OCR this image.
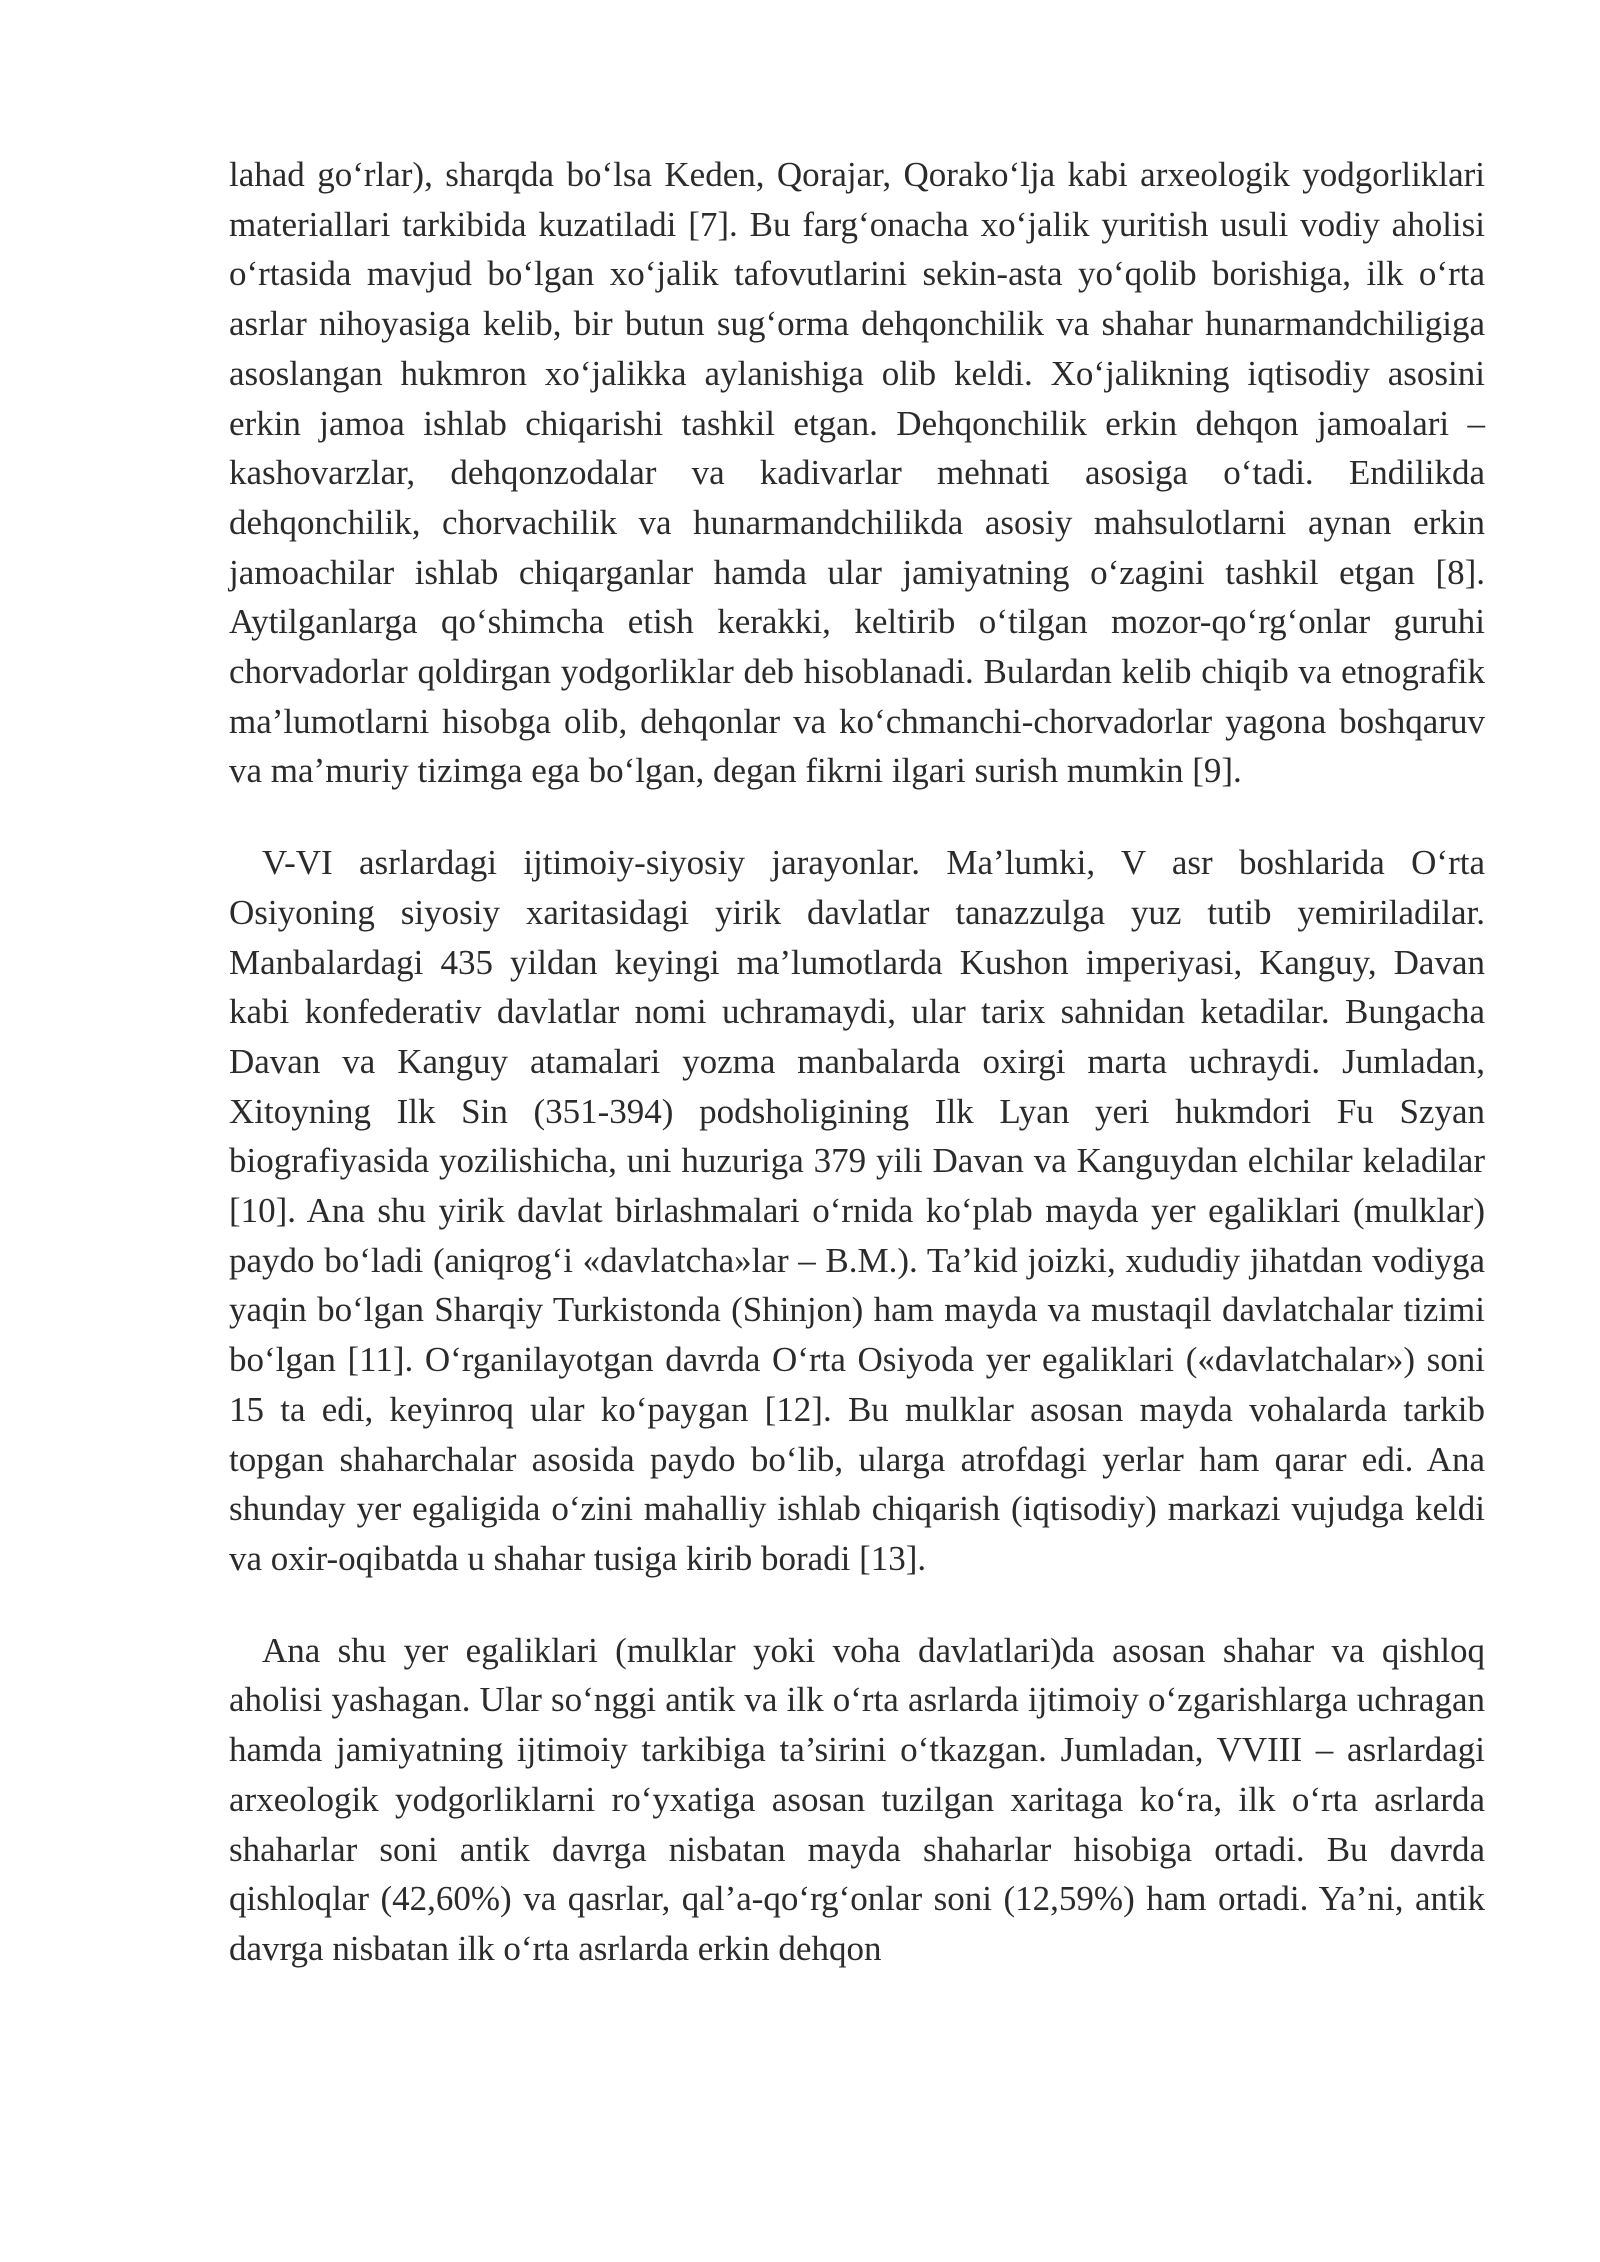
lahad go‘rlar), sharqda bo‘lsa Keden, Qorajar, Qorako‘lja kabi arxeologik yodgorliklari materiallari tarkibida kuzatiladi [7]. Bu farg‘onacha xo‘jalik yuritish usuli vodiy aholisi o‘rtasida mavjud bo‘lgan xo‘jalik tafovutlarini sekin-asta yo‘qolib borishiga, ilk o‘rta asrlar nihoyasiga kelib, bir butun sug‘orma dehqonchilik va shahar hunarmandchiligiga asoslangan hukmron xo‘jalikka aylanishiga olib keldi. Xo‘jalikning iqtisodiy asosini erkin jamoa ishlab chiqarishi tashkil etgan. Dehqonchilik erkin dehqon jamoalari – kashovarzlar, dehqonzodalar va kadivarlar mehnati asosiga o‘tadi. Endilikda dehqonchilik, chorvachilik va hunarmandchilikda asosiy mahsulotlarni aynan erkin jamoachilar ishlab chiqarganlar hamda ular jamiyatning o‘zagini tashkil etgan [8]. Aytilganlarga qo‘shimcha etish kerakki, keltirib o‘tilgan mozor-qo‘rg‘onlar guruhi chorvadorlar qoldirgan yodgorliklar deb hisoblanadi. Bulardan kelib chiqib va etnografik ma’lumotlarni hisobga olib, dehqonlar va ko‘chmanchi-chorvadorlar yagona boshqaruv va ma’muriy tizimga ega bo‘lgan, degan fikrni ilgari surish mumkin [9].

V-VI asrlardagi ijtimoiy-siyosiy jarayonlar. Ma’lumki, V asr boshlarida O‘rta Osiyoning siyosiy xaritasidagi yirik davlatlar tanazzulga yuz tutib yemiriladilar. Manbalardagi 435 yildan keyingi ma’lumotlarda Kushon imperiyasi, Kanguy, Davan kabi konfederativ davlatlar nomi uchramaydi, ular tarix sahnidan ketadilar. Bungacha Davan va Kanguy atamalari yozma manbalarda oxirgi marta uchraydi. Jumladan, Xitoyning Ilk Sin (351-394) podsholigining Ilk Lyan yeri hukmdori Fu Szyan biografiyasida yozilishicha, uni huzuriga 379 yili Davan va Kanguydan elchilar keladilar [10]. Ana shu yirik davlat birlashmalari o‘rnida ko‘plab mayda yer egaliklari (mulklar) paydo bo‘ladi (aniqrog‘i «davlatcha»lar – B.M.). Ta’kid joizki, xududiy jihatdan vodiyga yaqin bo‘lgan Sharqiy Turkistonda (Shinjon) ham mayda va mustaqil davlatchalar tizimi bo‘lgan [11]. O‘rganilayotgan davrda O‘rta Osiyoda yer egaliklari («davlatchalar») soni 15 ta edi, keyinroq ular ko‘paygan [12]. Bu mulklar asosan mayda vohalarda tarkib topgan shaharchalar asosida paydo bo‘lib, ularga atrofdagi yerlar ham qarar edi. Ana shunday yer egaligida o‘zini mahalliy ishlab chiqarish (iqtisodiy) markazi vujudga keldi va oxir-oqibatda u shahar tusiga kirib boradi [13].

Ana shu yer egaliklari (mulklar yoki voha davlatlari)da asosan shahar va qishloq aholisi yashagan. Ular so‘nggi antik va ilk o‘rta asrlarda ijtimoiy o‘zgarishlarga uchragan hamda jamiyatning ijtimoiy tarkibiga ta’sirini o‘tkazgan. Jumladan, VVIII – asrlardagi arxeologik yodgorliklarni ro‘yxatiga asosan tuzilgan xaritaga ko‘ra, ilk o‘rta asrlarda shaharlar soni antik davrga nisbatan mayda shaharlar hisobiga ortadi. Bu davrda qishloqlar (42,60%) va qasrlar, qal’a-qo‘rg‘onlar soni (12,59%) ham ortadi. Ya’ni, antik davrga nisbatan ilk o‘rta asrlarda erkin dehqon
